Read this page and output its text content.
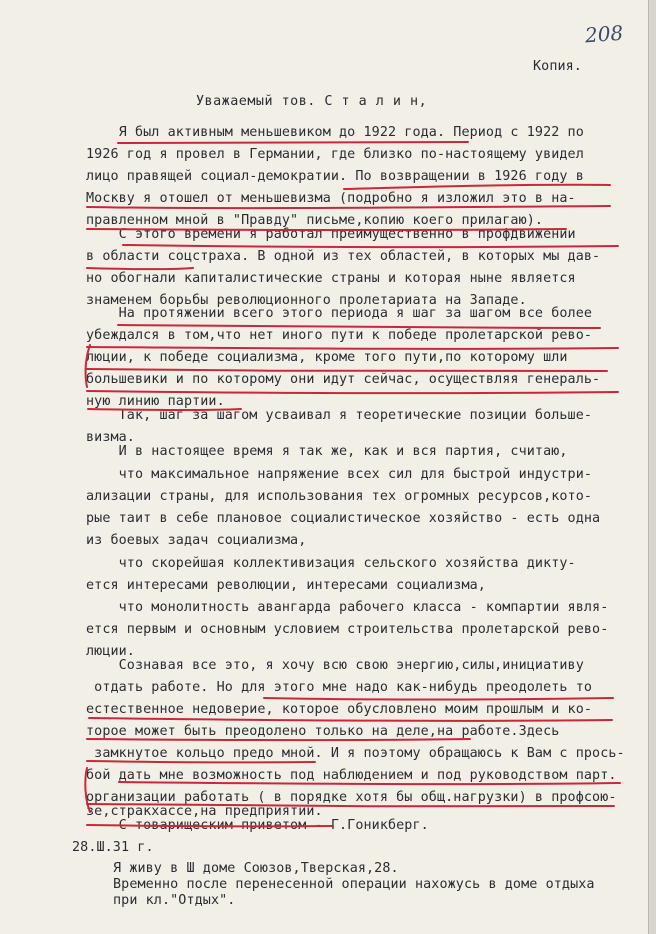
208
Копия.
Уважаемый тов. С т а л и н,
Я был активным меньшевиком до 1922 года. Период с 1922 по
1926 год я провел в Германии, где близко по-настоящему увидел
лицо правящей социал-демократии. По возвращении в 1926 году в
Москву я отошел от меньшевизма (подробно я изложил это в на-
правленном мной в "Правду" письме,копию коего прилагаю).
С этого времени я работал преимущественно в профдвижении
в области соцстраха. В одной из тех областей, в которых мы дав-
но обогнали капиталистические страны и которая ныне является
знаменем борьбы революционного пролетариата на Западе.
На протяжении всего этого периода я шаг за шагом все более
убеждался в том,что нет иного пути к победе пролетарской рево-
люции, к победе социализма, кроме того пути,по которому шли
большевики и по которому они идут сейчас, осуществляя генераль-
ную линию партии.
Так, шаг за шагом усваивал я теоретические позиции больше-
визма.
И в настоящее время я так же, как и вся партия, считаю,
что максимальное напряжение всех сил для быстрой индустри-
ализации страны, для использования тех огромных ресурсов,кото-
рые таит в себе плановое социалистическое хозяйство - есть одна
из боевых задач социализма,
что скорейшая коллективизация сельского хозяйства дикту-
ется интересами революции, интересами социализма,
что монолитность авангарда рабочего класса - компартии явля-
ется первым и основным условием строительства пролетарской рево-
люции.
Сознавая все это, я хочу всю свою энергию,силы,инициативу
отдать работе. Но для этого мне надо как-нибудь преодолеть то
естественное недоверие, которое обусловлено моим прошлым и ко-
торое может быть преодолено только на деле,на работе.Здесь
замкнутое кольцо предо мной. И я поэтому обращаюсь к Вам с прось-
бой дать мне возможность под наблюдением и под руководством парт.
организации работать ( в порядке хотя бы общ.нагрузки) в профсою-
зе,стракхассе,на предприятии.
С товарищеским приветом - Г.Гоникберг.
28.Ш.31 г.
Я живу в Ш доме Союзов,Тверская,28.
Временно после перенесенной операции нахожусь в доме отдыха
при кл."Отдых".
